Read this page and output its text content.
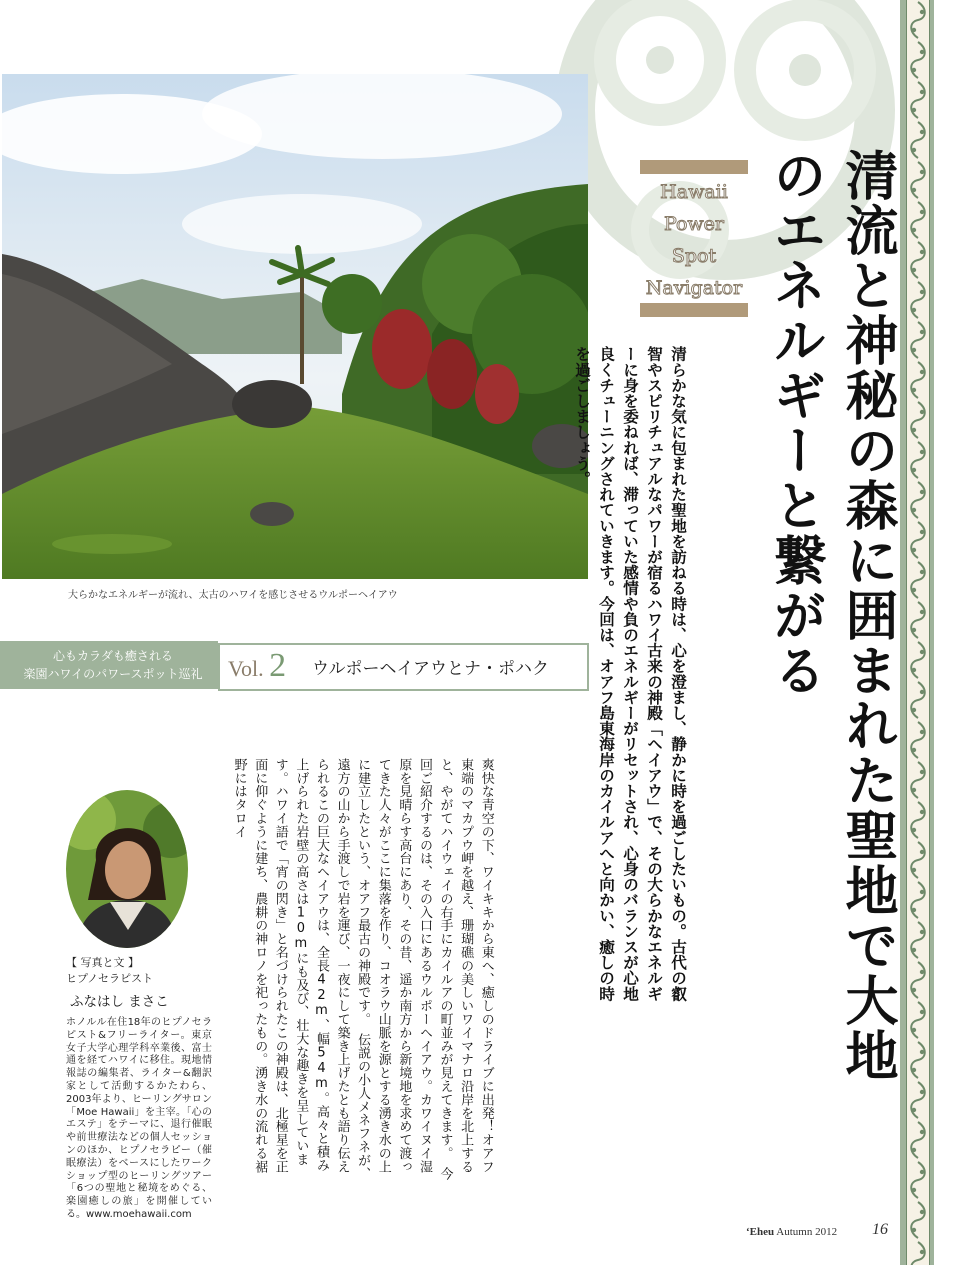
大らかなエネルギーが流れ、太古のハワイを感じさせるウルポーヘイアウ
心もカラダも癒される
楽園ハワイのパワースポット巡礼 Vol. 2 ウルポーヘイアウとナ・ポハク
Hawaii
Power
Spot
Navigator	清流と神秘の森に囲まれた聖地で大地のエネルギーと繋がる
清らかな気に包まれた聖地を訪ねる時は、心を澄まし、静かに時を過ごしたいもの。古代の叡智やスピリチュアルなパワーが宿るハワイ古来の神殿「ヘイアウ」で、その大らかなエネルギーに身を委ねれば、滞っていた感情や負のエネルギーがリセットされ、心身のバランスが心地良くチューニングされていきます。今回は、オアフ島東海岸のカイルアへと向かい、癒しの時を過ごしましょう。
爽快な青空の下、ワイキキから東へ、癒しのドライブに出発！オアフ東端のマカプウ岬を越え、珊瑚礁の美しいワイマナロ沿岸を北上すると、やがてハイウェイの右手にカイルアの町並みが見えてきます。　今回ご紹介するのは、その入口にあるウルポーヘイアウ。カワイヌイ湿原を見晴らす高台にあり、その昔、遥か南方から新境地を求めて渡ってきた人々がここに集落を作り、コオラウ山脈を源とする湧き水の上に建立したという、オアフ最古の神殿です。　伝説の小人メネフネが、遠方の山から手渡しで岩を運び、一夜にして築き上げたとも語り伝えられるこの巨大なヘイアウは、全長42m、幅54m。高々と積み上げられた岩壁の高さは10mにも及び、壮大な趣きを呈しています。ハワイ語で「宵の閃き」と名づけられたこの神殿は、北極星を正面に仰ぐように建ち、農耕の神ロノを祀ったもの。湧き水の流れる裾野にはタロイ
【 写真と文 】
ヒプノセラピスト
ふなはし まさこ
ホノルル在住18年のヒプノセラピスト&フリーライター。東京女子大学心理学科卒業後、富士通を経てハワイに移住。現地情報誌の編集者、ライター&翻訳家として活動するかたわら、2003年より、ヒーリングサロン「Moe Hawaii」を主宰。「心のエステ」をテーマに、退行催眠や前世療法などの個人セッションのほか、ヒプノセラピー（催眠療法）をベースにしたワークショップ型のヒーリングツアー「6つの聖地と秘境をめぐる、楽園癒しの旅」を開催している。www.moehawaii.com
ʻEheu Autumn 2012 16
